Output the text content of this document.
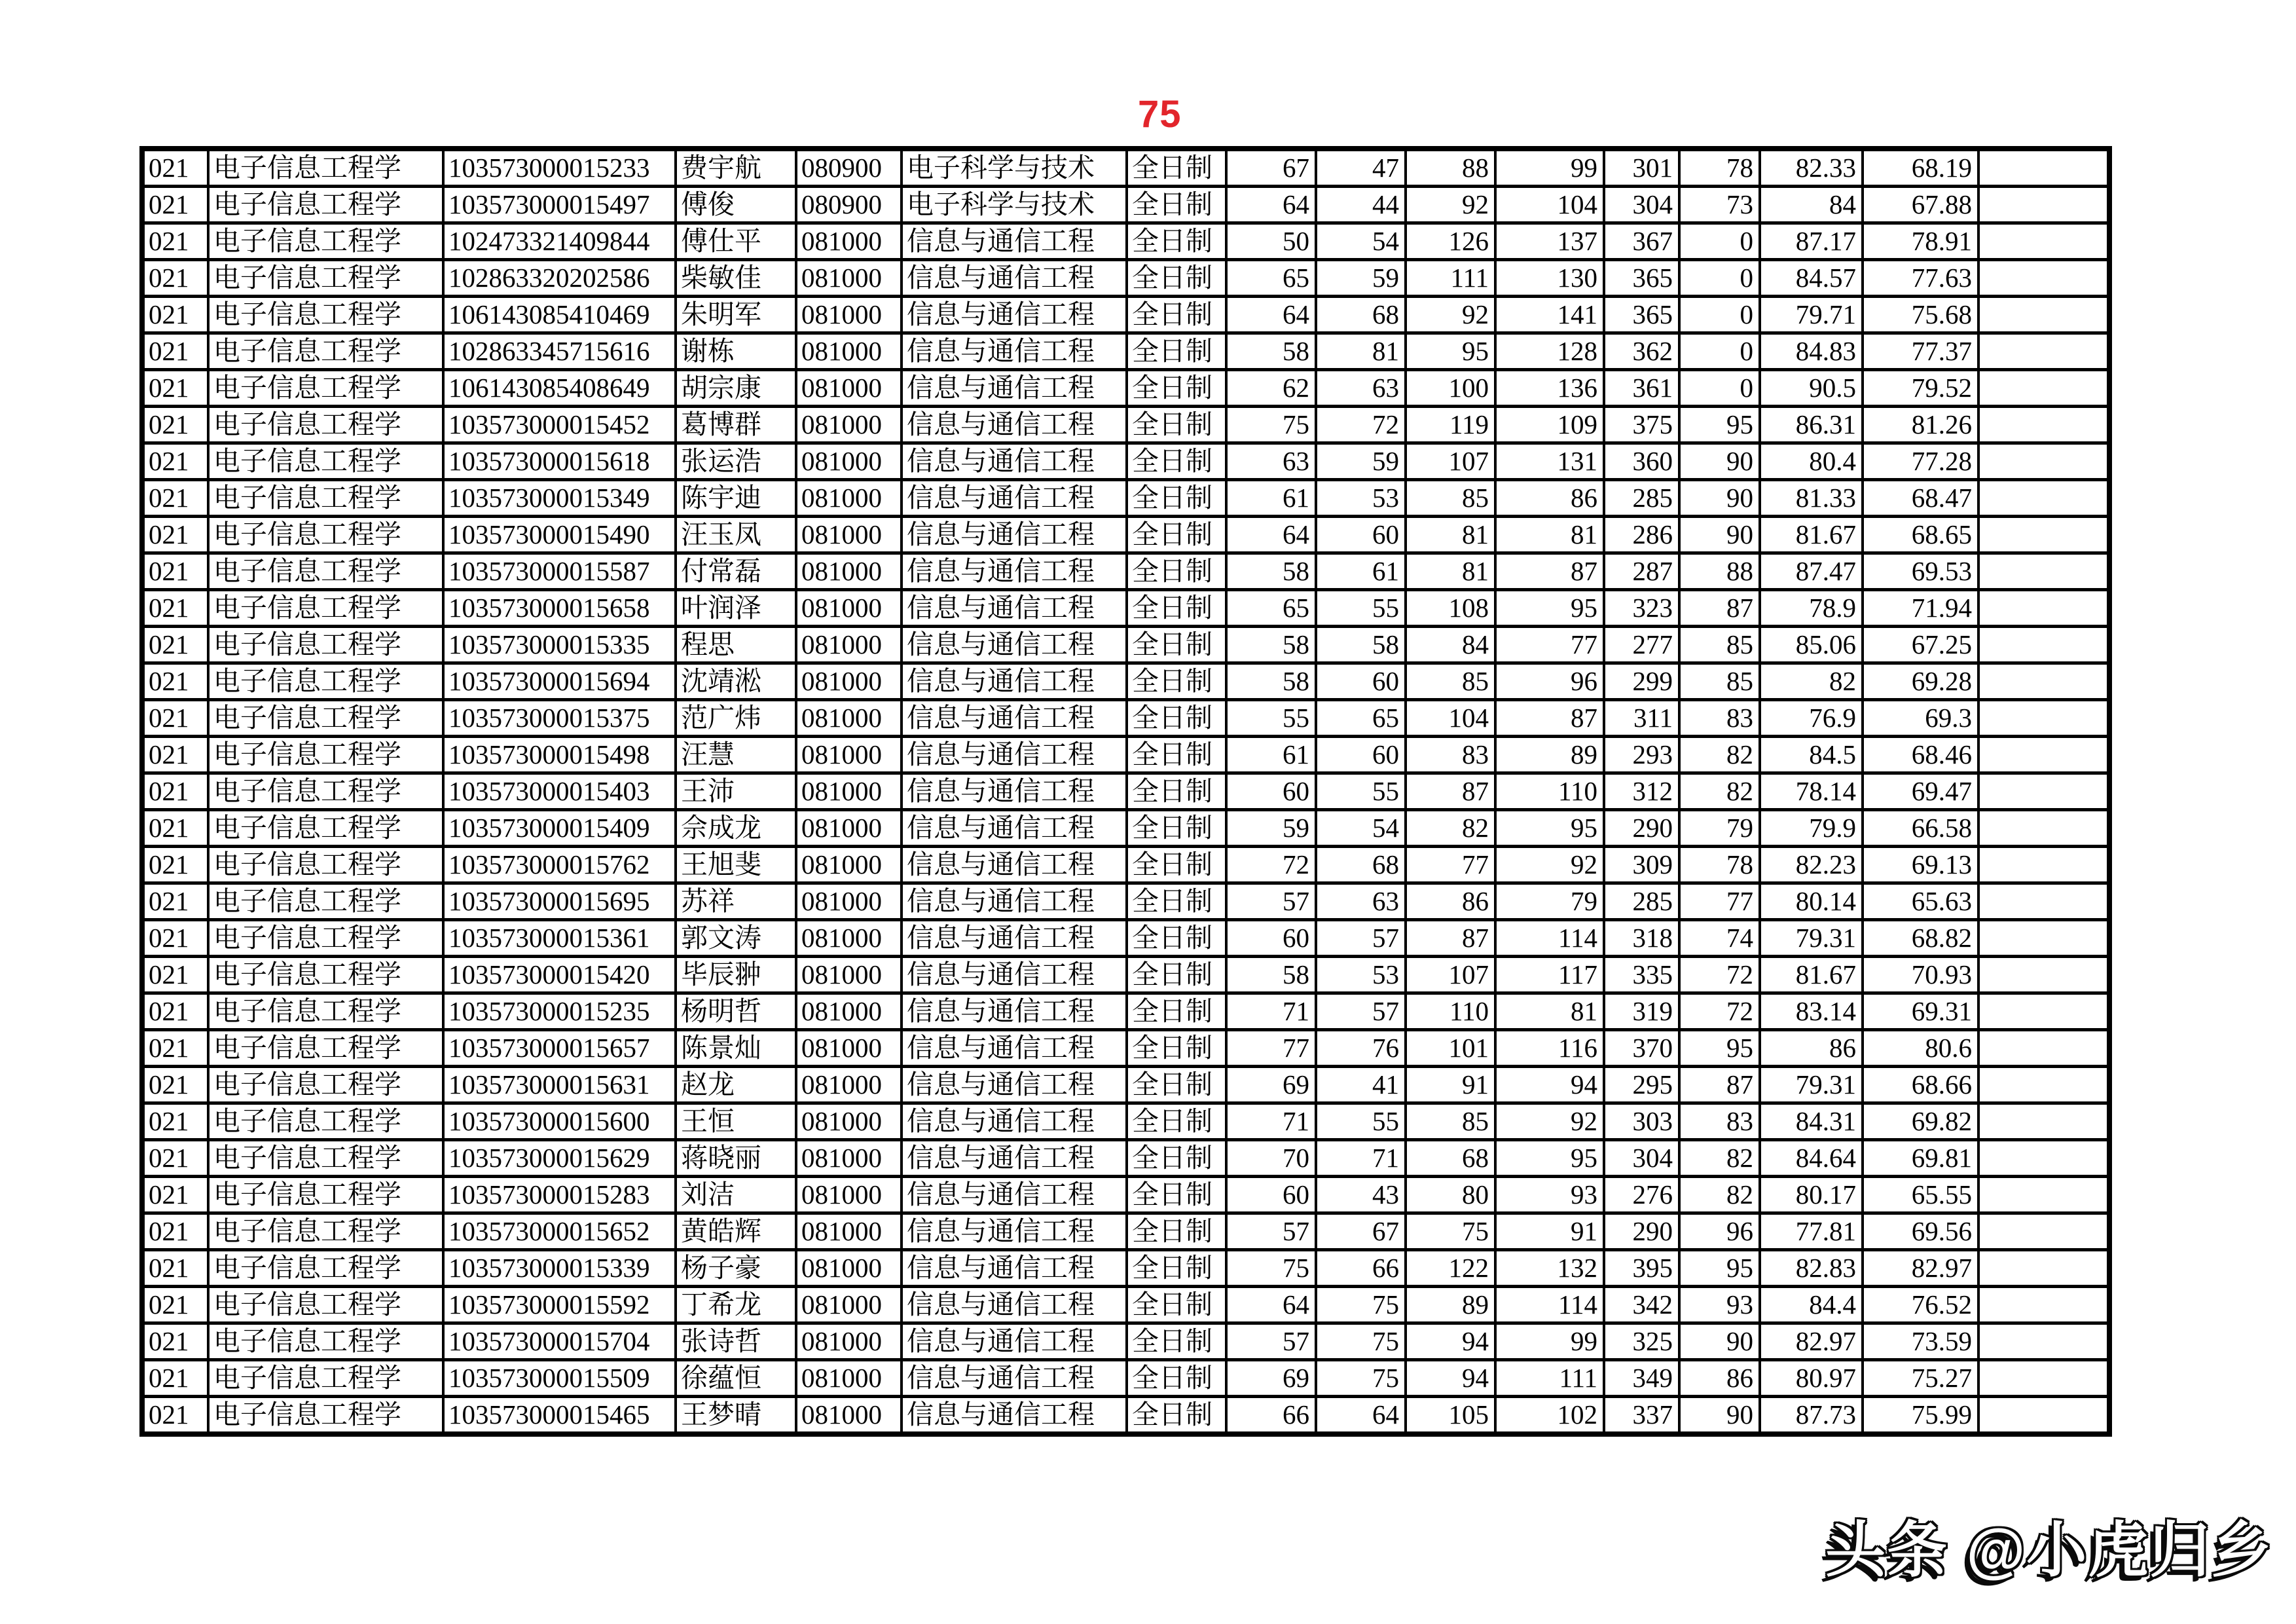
75
021	电子信息工程学	103573000015233	费宇航	080900	电子科学与技术	全日制	67	47	88	99	301	78	82.33	68.19	
021	电子信息工程学	103573000015497	傅俊	080900	电子科学与技术	全日制	64	44	92	104	304	73	84	67.88	
021	电子信息工程学	102473321409844	傅仕平	081000	信息与通信工程	全日制	50	54	126	137	367	0	87.17	78.91	
021	电子信息工程学	102863320202586	柴敏佳	081000	信息与通信工程	全日制	65	59	111	130	365	0	84.57	77.63	
021	电子信息工程学	106143085410469	朱明军	081000	信息与通信工程	全日制	64	68	92	141	365	0	79.71	75.68	
021	电子信息工程学	102863345715616	谢栋	081000	信息与通信工程	全日制	58	81	95	128	362	0	84.83	77.37	
021	电子信息工程学	106143085408649	胡宗康	081000	信息与通信工程	全日制	62	63	100	136	361	0	90.5	79.52	
021	电子信息工程学	103573000015452	葛博群	081000	信息与通信工程	全日制	75	72	119	109	375	95	86.31	81.26	
021	电子信息工程学	103573000015618	张运浩	081000	信息与通信工程	全日制	63	59	107	131	360	90	80.4	77.28	
021	电子信息工程学	103573000015349	陈宇迪	081000	信息与通信工程	全日制	61	53	85	86	285	90	81.33	68.47	
021	电子信息工程学	103573000015490	汪玉凤	081000	信息与通信工程	全日制	64	60	81	81	286	90	81.67	68.65	
021	电子信息工程学	103573000015587	付常磊	081000	信息与通信工程	全日制	58	61	81	87	287	88	87.47	69.53	
021	电子信息工程学	103573000015658	叶润泽	081000	信息与通信工程	全日制	65	55	108	95	323	87	78.9	71.94	
021	电子信息工程学	103573000015335	程思	081000	信息与通信工程	全日制	58	58	84	77	277	85	85.06	67.25	
021	电子信息工程学	103573000015694	沈靖淞	081000	信息与通信工程	全日制	58	60	85	96	299	85	82	69.28	
021	电子信息工程学	103573000015375	范广炜	081000	信息与通信工程	全日制	55	65	104	87	311	83	76.9	69.3	
021	电子信息工程学	103573000015498	汪慧	081000	信息与通信工程	全日制	61	60	83	89	293	82	84.5	68.46	
021	电子信息工程学	103573000015403	王沛	081000	信息与通信工程	全日制	60	55	87	110	312	82	78.14	69.47	
021	电子信息工程学	103573000015409	佘成龙	081000	信息与通信工程	全日制	59	54	82	95	290	79	79.9	66.58	
021	电子信息工程学	103573000015762	王旭斐	081000	信息与通信工程	全日制	72	68	77	92	309	78	82.23	69.13	
021	电子信息工程学	103573000015695	苏祥	081000	信息与通信工程	全日制	57	63	86	79	285	77	80.14	65.63	
021	电子信息工程学	103573000015361	郭文涛	081000	信息与通信工程	全日制	60	57	87	114	318	74	79.31	68.82	
021	电子信息工程学	103573000015420	毕辰翀	081000	信息与通信工程	全日制	58	53	107	117	335	72	81.67	70.93	
021	电子信息工程学	103573000015235	杨明哲	081000	信息与通信工程	全日制	71	57	110	81	319	72	83.14	69.31	
021	电子信息工程学	103573000015657	陈景灿	081000	信息与通信工程	全日制	77	76	101	116	370	95	86	80.6	
021	电子信息工程学	103573000015631	赵龙	081000	信息与通信工程	全日制	69	41	91	94	295	87	79.31	68.66	
021	电子信息工程学	103573000015600	王恒	081000	信息与通信工程	全日制	71	55	85	92	303	83	84.31	69.82	
021	电子信息工程学	103573000015629	蒋晓丽	081000	信息与通信工程	全日制	70	71	68	95	304	82	84.64	69.81	
021	电子信息工程学	103573000015283	刘洁	081000	信息与通信工程	全日制	60	43	80	93	276	82	80.17	65.55	
021	电子信息工程学	103573000015652	黄皓辉	081000	信息与通信工程	全日制	57	67	75	91	290	96	77.81	69.56	
021	电子信息工程学	103573000015339	杨子豪	081000	信息与通信工程	全日制	75	66	122	132	395	95	82.83	82.97	
021	电子信息工程学	103573000015592	丁希龙	081000	信息与通信工程	全日制	64	75	89	114	342	93	84.4	76.52	
021	电子信息工程学	103573000015704	张诗哲	081000	信息与通信工程	全日制	57	75	94	99	325	90	82.97	73.59	
021	电子信息工程学	103573000015509	徐蕴恒	081000	信息与通信工程	全日制	69	75	94	111	349	86	80.97	75.27	
021	电子信息工程学	103573000015465	王梦晴	081000	信息与通信工程	全日制	66	64	105	102	337	90	87.73	75.99	
头条 @小虎归乡
